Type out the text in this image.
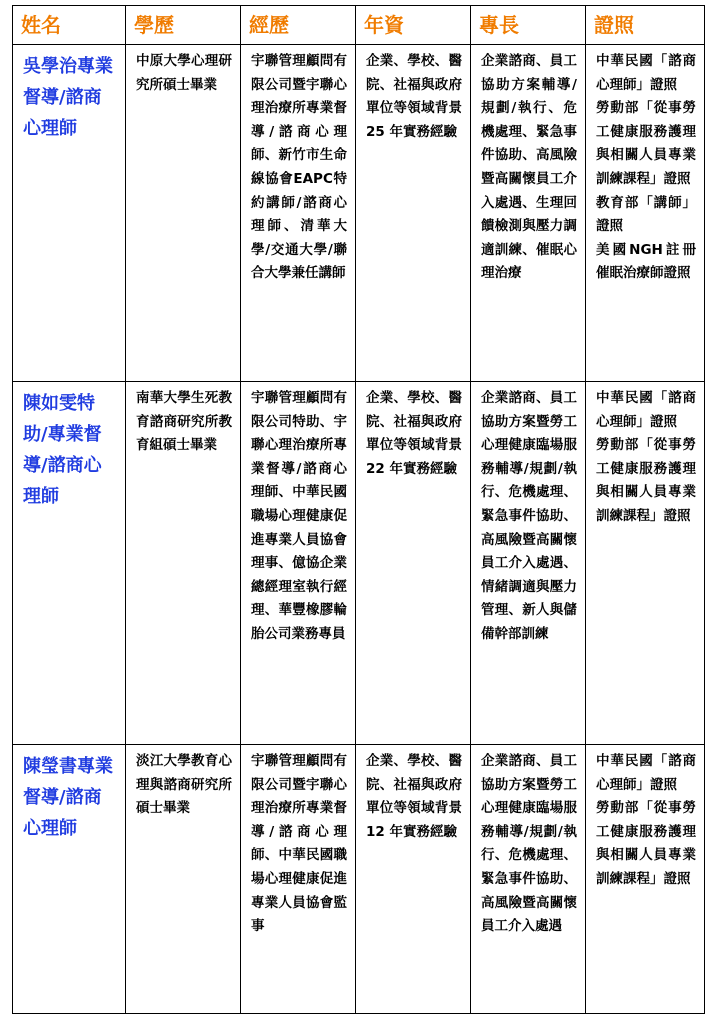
姓名	學歷	經歷	年資	專長	證照
吳學治專業督導/諮商心理師	中原大學心理研究所碩士畢業	宇聯管理顧問有限公司暨宇聯心理治療所專業督導/諮商心理師、新竹市生命線協會EAPC特約講師/諮商心理師、清華大學/交通大學/聯合大學兼任講師	企業、學校、醫院、社福與政府單位等領域背景 25 年實務經驗	企業諮商、員工協助方案輔導/規劃/執行、危機處理、緊急事件協助、高風險暨高關懷員工介入處遇、生理回饋檢測與壓力調適訓練、催眠心理治療	中華民國「諮商心理師」證照
勞動部「從事勞工健康服務護理與相關人員專業訓練課程」證照
教育部「講師」證照
美國NGH註冊催眠治療師證照

陳如雯特助/專業督導/諮商心理師	南華大學生死教育諮商研究所教育組碩士畢業	宇聯管理顧問有限公司特助、宇聯心理治療所專業督導/諮商心理師、中華民國職場心理健康促進專業人員協會理事、億協企業總經理室執行經理、華豐橡膠輪胎公司業務專員	企業、學校、醫院、社福與政府單位等領域背景 22 年實務經驗	企業諮商、員工協助方案暨勞工心理健康臨場服務輔導/規劃/執行、危機處理、緊急事件協助、高風險暨高關懷員工介入處遇、情緒調適與壓力管理、新人與儲備幹部訓練	中華民國「諮商心理師」證照
勞動部「從事勞工健康服務護理與相關人員專業訓練課程」證照

陳瑩書專業督導/諮商心理師	淡江大學教育心理與諮商研究所碩士畢業	宇聯管理顧問有限公司暨宇聯心理治療所專業督導/諮商心理師、中華民國職場心理健康促進專業人員協會監事	企業、學校、醫院、社福與政府單位等領域背景 12 年實務經驗	企業諮商、員工協助方案暨勞工心理健康臨場服務輔導/規劃/執行、危機處理、緊急事件協助、高風險暨高關懷員工介入處遇	中華民國「諮商心理師」證照
勞動部「從事勞工健康服務護理與相關人員專業訓練課程」證照
